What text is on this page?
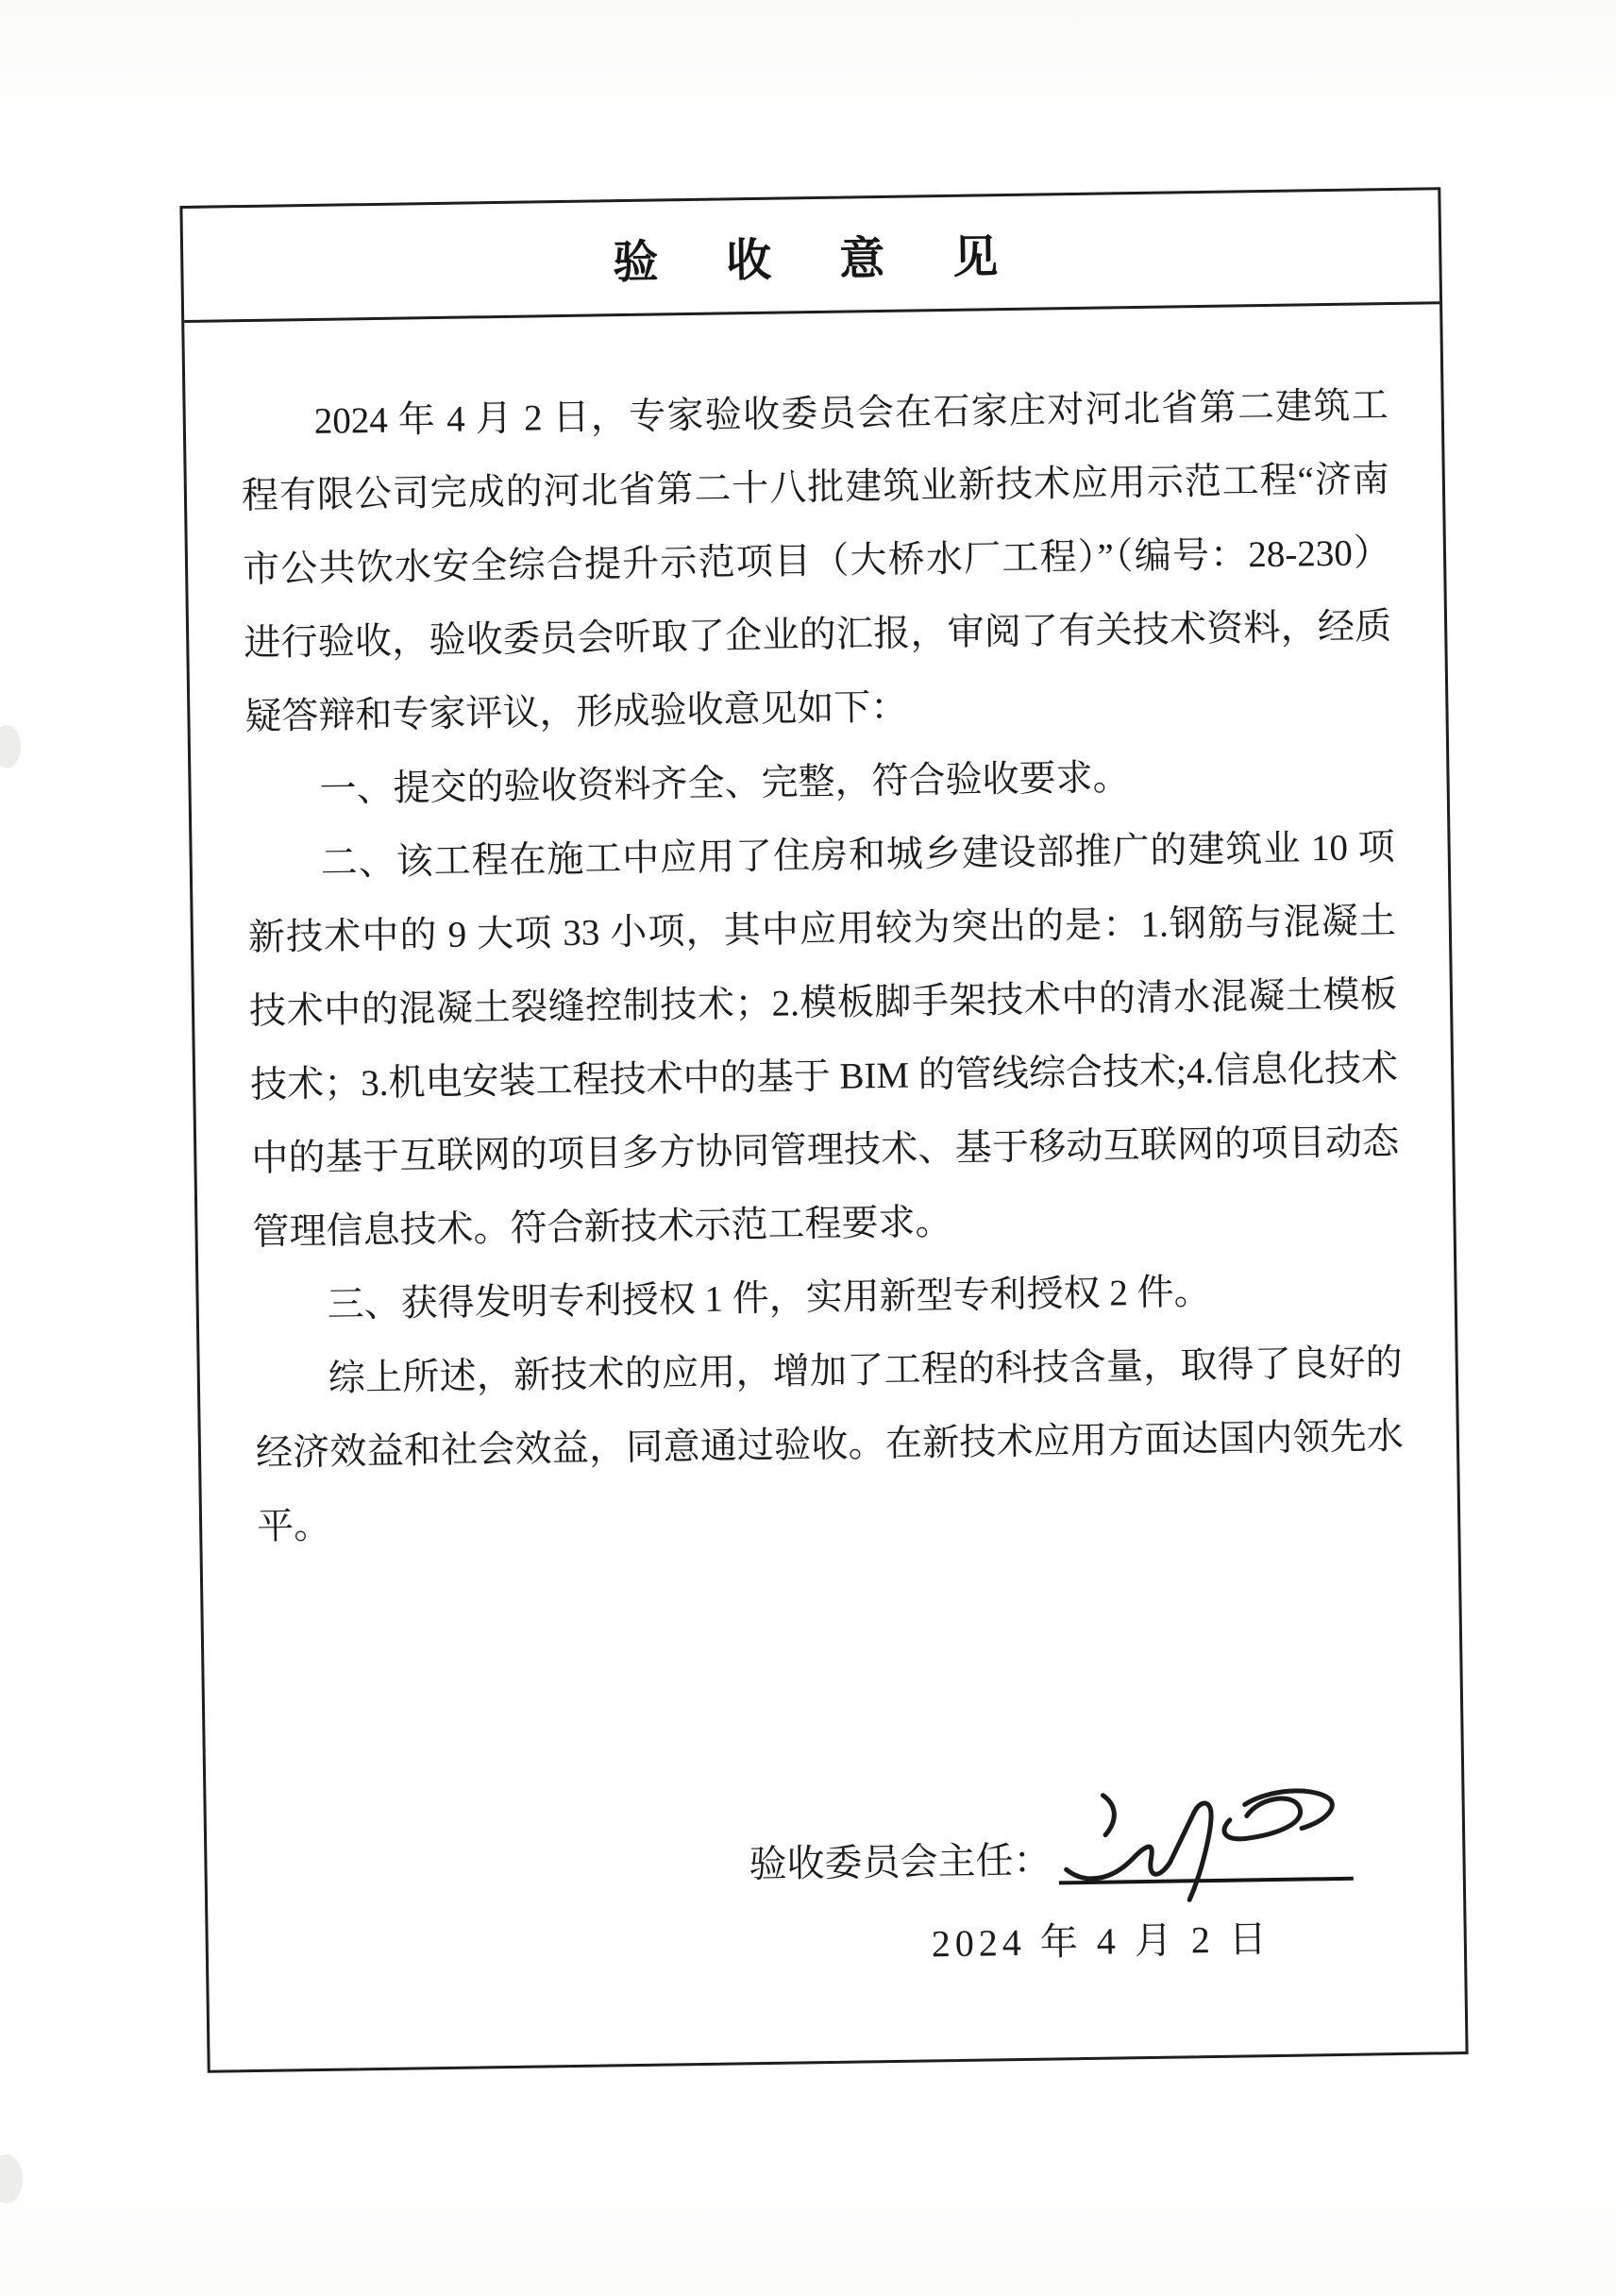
验　收　意　见

2024 年 4 月 2 日，专家验收委员会在石家庄对河北省第二建筑工程有限公司完成的河北省第二十八批建筑业新技术应用示范工程“济南市公共饮水安全综合提升示范项目（大桥水厂工程）”（编号：28-230）进行验收，验收委员会听取了企业的汇报，审阅了有关技术资料，经质疑答辩和专家评议，形成验收意见如下：

一、提交的验收资料齐全、完整，符合验收要求。

二、该工程在施工中应用了住房和城乡建设部推广的建筑业 10 项新技术中的 9 大项 33 小项，其中应用较为突出的是：1.钢筋与混凝土技术中的混凝土裂缝控制技术；2.模板脚手架技术中的清水混凝土模板技术；3.机电安装工程技术中的基于 BIM 的管线综合技术;4.信息化技术中的基于互联网的项目多方协同管理技术、基于移动互联网的项目动态管理信息技术。符合新技术示范工程要求。

三、获得发明专利授权 1 件，实用新型专利授权 2 件。

综上所述，新技术的应用，增加了工程的科技含量，取得了良好的经济效益和社会效益，同意通过验收。在新技术应用方面达国内领先水平。

验收委员会主任：
2024 年 4 月 2 日
